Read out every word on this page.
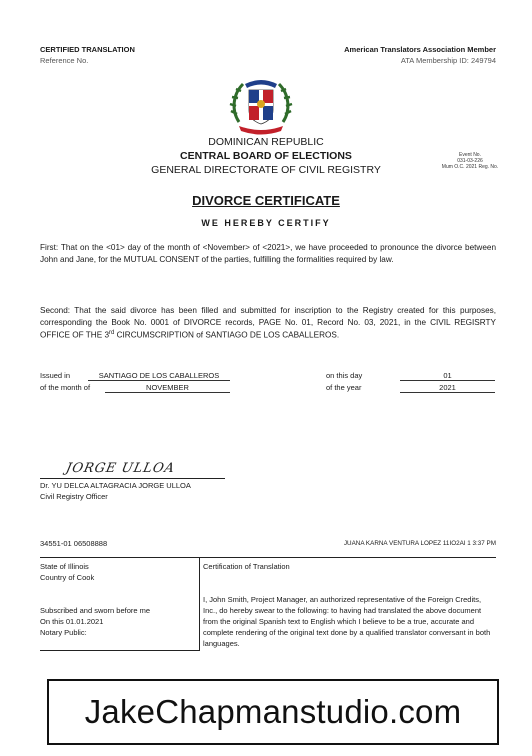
CERTIFIED TRANSLATION
Reference No.
American Translators Association Member
ATA Membership ID: 249794
DOMINICAN REPUBLIC
CENTRAL BOARD OF ELECTIONS
GENERAL DIRECTORATE OF CIVIL REGISTRY
Event No.
031-03-226
Mum O.C. 2021 Reg. No.
DIVORCE CERTIFICATE
WE HEREBY CERTIFY
First: That on the <01> day of the month of <November> of <2021>, we have proceeded to pronounce the divorce between John and Jane, for the MUTUAL CONSENT of the parties, fulfilling the formalities required by law.
Second: That the said divorce has been filled and submitted for inscription to the Registry created for this purposes, corresponding the Book No. 0001 of DIVORCE records, PAGE No. 01, Record No. 03, 2021, in the CIVIL REGISRTY OFFICE OF THE 3rd CIRCUMSCRIPTION of SANTIAGO DE LOS CABALLEROS.
Issued in	SANTIAGO DE LOS CABALLEROS
of the month of	NOVEMBER
on this day	01
of the year	2021
JORGE ULLOA
Dr. YU DELCA ALTAGRACIA JORGE ULLOA
Civil Registry Officer
34551-01 06508888	JUANA KARNA VENTURA LOPEZ 11IO2AI 1 3:37 PM
State of Illinois
Country of Cook
Subscribed and sworn before me
On this 01.01.2021
Notary Public:
Certification of Translation
I, John Smith, Project Manager, an authorized representative of the Foreign Credits, Inc., do hereby swear to the following: to having had translated the above document from the original Spanish text to English which I believe to be a true, accurate and complete rendering of the original text done by a qualified translator conversant in both languages.
JakeChapmanstudio.com
